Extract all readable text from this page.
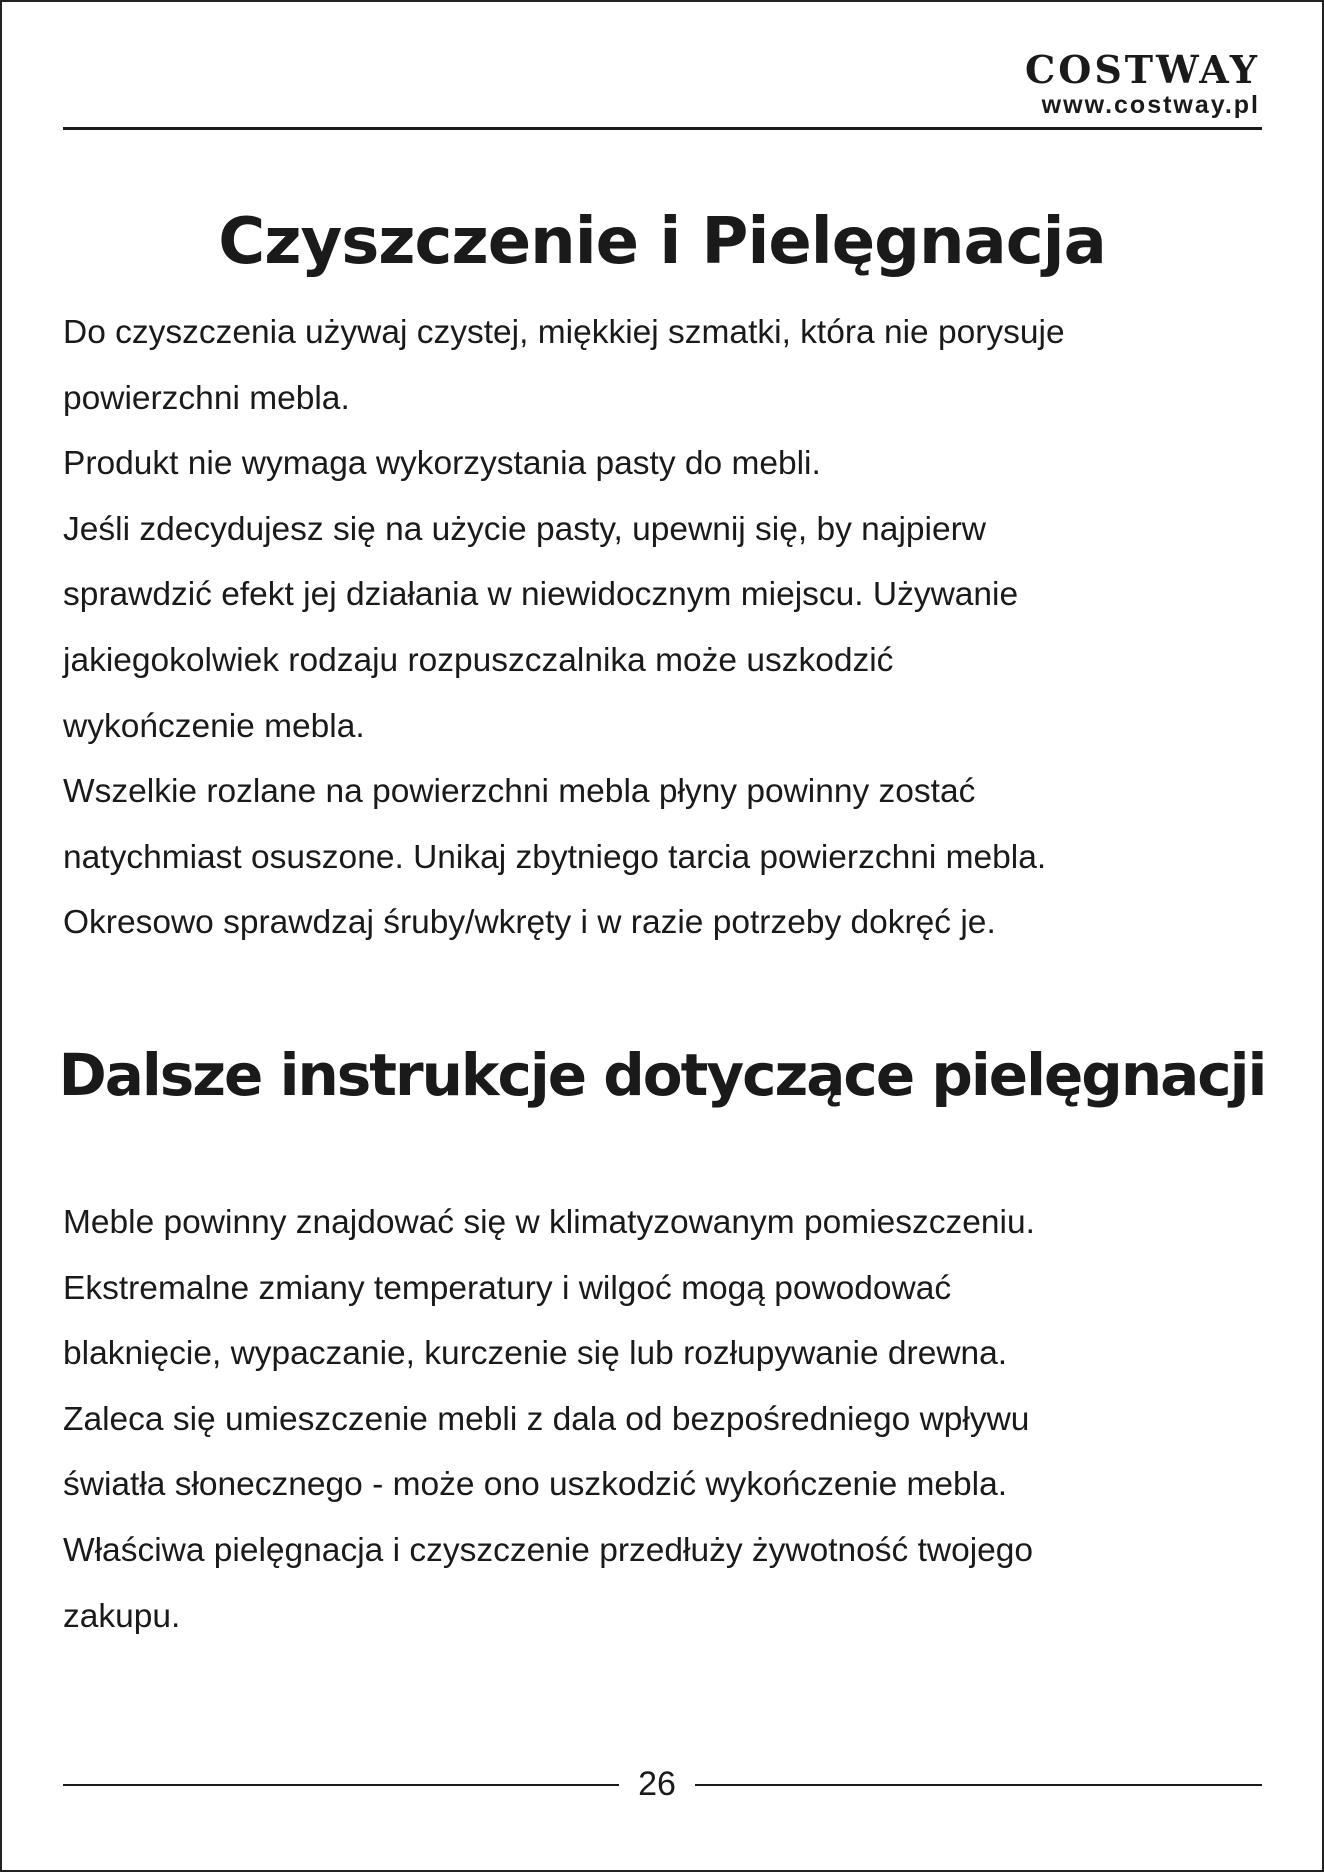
COSTWAY
www.costway.pl
Czyszczenie i Pielęgnacja
Do czyszczenia używaj czystej, miękkiej szmatki, która nie porysuje
powierzchni mebla.
Produkt nie wymaga wykorzystania pasty do mebli.
Jeśli zdecydujesz się na użycie pasty, upewnij się, by najpierw
sprawdzić efekt jej działania w niewidocznym miejscu. Używanie
jakiegokolwiek rodzaju rozpuszczalnika może uszkodzić
wykończenie mebla.
Wszelkie rozlane na powierzchni mebla płyny powinny zostać
natychmiast osuszone. Unikaj zbytniego tarcia powierzchni mebla.
Okresowo sprawdzaj śruby/wkręty i w razie potrzeby dokręć je.
Dalsze instrukcje dotyczące pielęgnacji
Meble powinny znajdować się w klimatyzowanym pomieszczeniu.
Ekstremalne zmiany temperatury i wilgoć mogą powodować
blaknięcie, wypaczanie, kurczenie się lub rozłupywanie drewna.
Zaleca się umieszczenie mebli z dala od bezpośredniego wpływu
światła słonecznego - może ono uszkodzić wykończenie mebla.
Właściwa pielęgnacja i czyszczenie przedłuży żywotność twojego
zakupu.
26
